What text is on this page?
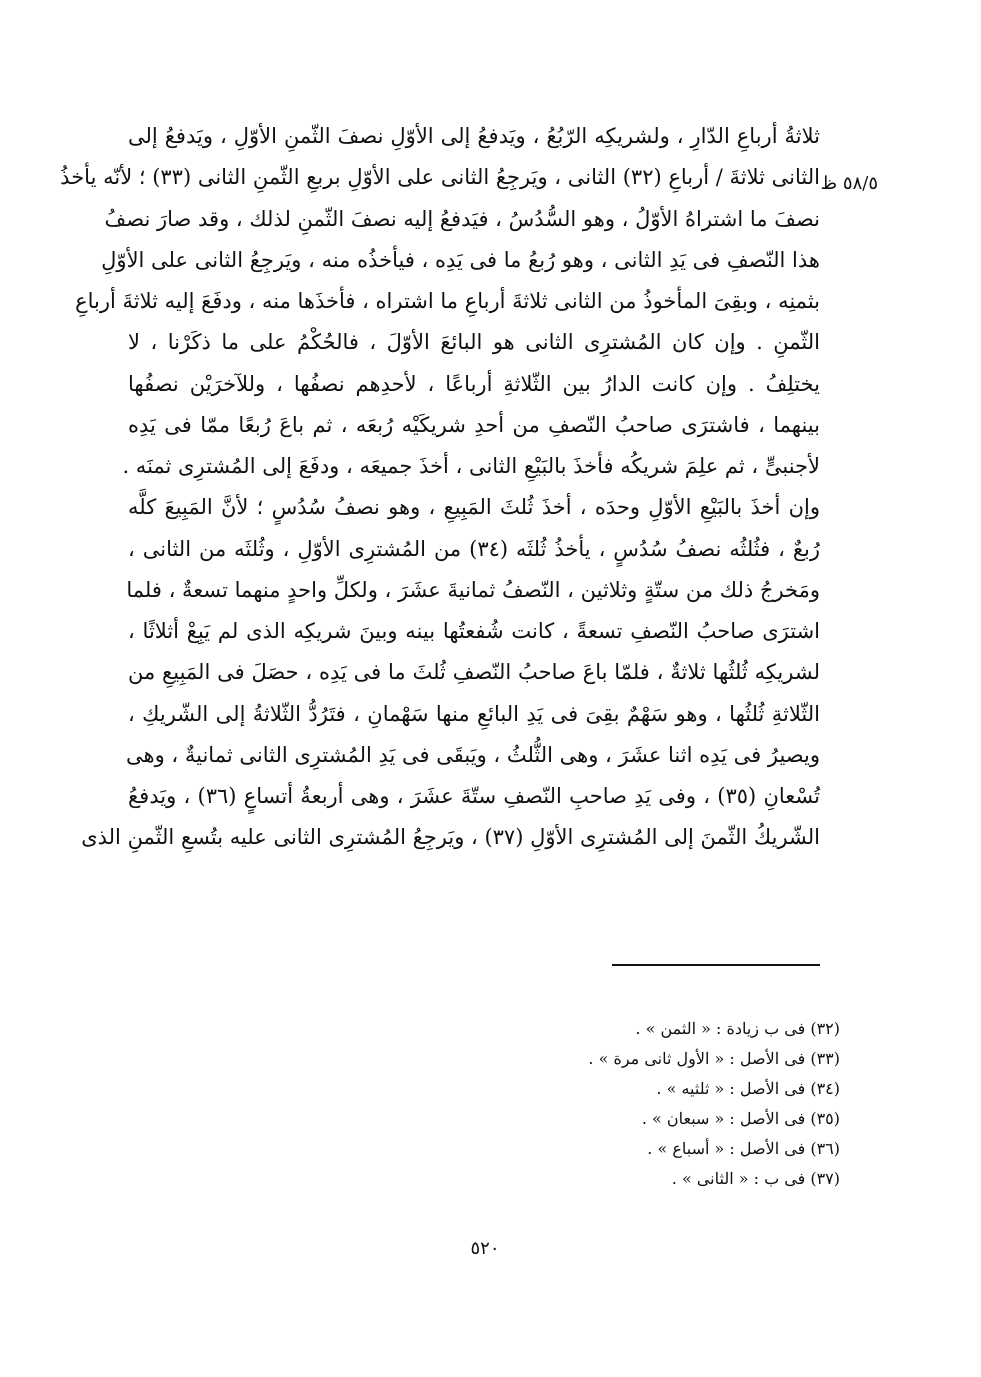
٥٨/٥ ظ
ثلاثةُ أرباعِ الدّارِ ، ولشريكِه الرّبُعُ ، ويَدفعُ إلى الأوّلِ نصفَ الثّمنِ الأوّلِ ، ويَدفعُ إلى
الثانى ثلاثةَ / أرباعِ (٣٢) الثانى ، ويَرجِعُ الثانى على الأوّلِ بربعِ الثّمنِ الثانى (٣٣) ؛ لأنّه يأخذُ
نصفَ ما اشتراهُ الأوّلُ ، وهو السُّدُسُ ، فيَدفعُ إليه نصفَ الثّمنِ لذلك ، وقد صارَ نصفُ
هذا النّصفِ فى يَدِ الثانى ، وهو رُبعُ ما فى يَدِه ، فيأخذُه منه ، ويَرجِعُ الثانى على الأوّلِ
بثمنِه ، وبقِىَ المأخوذُ من الثانى ثلاثةَ أرباعِ ما اشتراه ، فأخذَها منه ، ودفَعَ إليه ثلاثةَ أرباعِ
الثّمنِ . وإن كان المُشترِى الثانى هو البائعَ الأوّلَ ، فالحُكْمُ على ما ذكَرْنا ، لا
يختلِفُ . وإن كانت الدارُ بين الثّلاثةِ أرباعًا ، لأحدِهم نصفُها ، وللآخرَيْن نصفُها
بينهما ، فاشترَى صاحبُ النّصفِ من أحدِ شريكَيْه رُبعَه ، ثم باعَ رُبعًا ممّا فى يَدِه
لأجنبىٍّ ، ثم علِمَ شريكُه فأخذَ بالبَيْعِ الثانى ، أخذَ جميعَه ، ودفَعَ إلى المُشترِى ثمنَه .
وإن أخذَ بالبَيْعِ الأوّلِ وحدَه ، أخذَ ثُلثَ المَبِيعِ ، وهو نصفُ سُدُسٍ ؛ لأنَّ المَبِيعَ كلَّه
رُبعٌ ، فثُلثُه نصفُ سُدُسٍ ، يأخذُ ثُلثَه (٣٤) من المُشترِى الأوّلِ ، وثُلثَه من الثانى ،
ومَخرجُ ذلك من ستّةٍ وثلاثين ، النّصفُ ثمانيةَ عشَرَ ، ولكلِّ واحدٍ منهما تسعةٌ ، فلما
اشترَى صاحبُ النّصفِ تسعةً ، كانت شُفعتُها بينه وبينَ شريكِه الذى لم يَبِعْ أثلاثًا ،
لشريكِه ثُلثُها ثلاثةٌ ، فلمّا باعَ صاحبُ النّصفِ ثُلثَ ما فى يَدِه ، حصَلَ فى المَبِيعِ من
الثّلاثةِ ثُلثُها ، وهو سَهْمٌ بقِىَ فى يَدِ البائعِ منها سَهْمانِ ، فتَرُدُّ الثّلاثةُ إلى الشّريكِ ،
ويصيرُ فى يَدِه اثنا عشَرَ ، وهى الثُّلثُ ، ويَبقَى فى يَدِ المُشترِى الثانى ثمانيةٌ ، وهى
تُسْعانِ (٣٥) ، وفى يَدِ صاحبِ النّصفِ ستّةَ عشَرَ ، وهى أربعةُ أتساعٍ (٣٦) ، ويَدفعُ
الشّريكُ الثّمنَ إلى المُشترِى الأوّلِ (٣٧) ، ويَرجِعُ المُشترِى الثانى عليه بتُسعِ الثّمنِ الذى
(٣٢) فى ب زيادة : « الثمن » .
(٣٣) فى الأصل : « الأول ثانى مرة » .
(٣٤) فى الأصل : « ثلثيه » .
(٣٥) فى الأصل : « سبعان » .
(٣٦) فى الأصل : « أسباع » .
(٣٧) فى ب : « الثانى » .
٥٢٠
